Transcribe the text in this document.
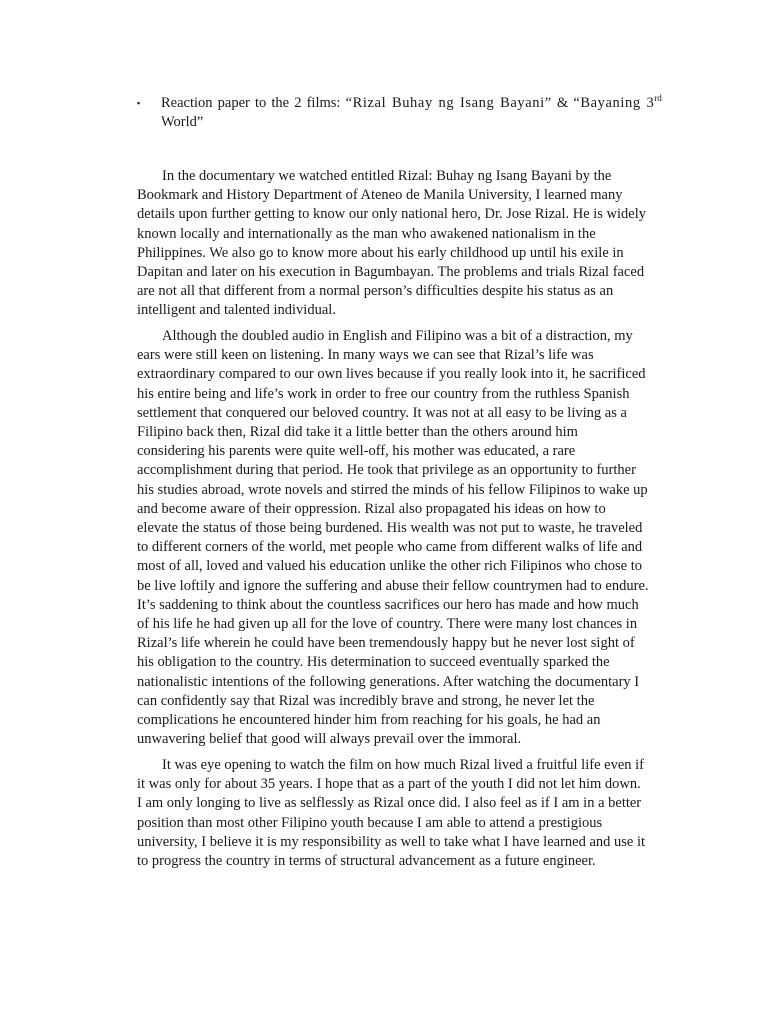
▪ Reaction paper to the 2 films: “Rizal Buhay ng Isang Bayani” & “Bayaning 3rd World”

In the documentary we watched entitled Rizal: Buhay ng Isang Bayani by the Bookmark and History Department of Ateneo de Manila University, I learned many details upon further getting to know our only national hero, Dr. Jose Rizal. He is widely known locally and internationally as the man who awakened nationalism in the Philippines. We also go to know more about his early childhood up until his exile in Dapitan and later on his execution in Bagumbayan. The problems and trials Rizal faced are not all that different from a normal person’s difficulties despite his status as an intelligent and talented individual.

Although the doubled audio in English and Filipino was a bit of a distraction, my ears were still keen on listening. In many ways we can see that Rizal’s life was extraordinary compared to our own lives because if you really look into it, he sacrificed his entire being and life’s work in order to free our country from the ruthless Spanish settlement that conquered our beloved country. It was not at all easy to be living as a Filipino back then, Rizal did take it a little better than the others around him considering his parents were quite well-off, his mother was educated, a rare accomplishment during that period. He took that privilege as an opportunity to further his studies abroad, wrote novels and stirred the minds of his fellow Filipinos to wake up and become aware of their oppression. Rizal also propagated his ideas on how to elevate the status of those being burdened. His wealth was not put to waste, he traveled to different corners of the world, met people who came from different walks of life and most of all, loved and valued his education unlike the other rich Filipinos who chose to be live loftily and ignore the suffering and abuse their fellow countrymen had to endure. It’s saddening to think about the countless sacrifices our hero has made and how much of his life he had given up all for the love of country. There were many lost chances in Rizal’s life wherein he could have been tremendously happy but he never lost sight of his obligation to the country. His determination to succeed eventually sparked the nationalistic intentions of the following generations. After watching the documentary I can confidently say that Rizal was incredibly brave and strong, he never let the complications he encountered hinder him from reaching for his goals, he had an unwavering belief that good will always prevail over the immoral.

It was eye opening to watch the film on how much Rizal lived a fruitful life even if it was only for about 35 years. I hope that as a part of the youth I did not let him down. I am only longing to live as selflessly as Rizal once did. I also feel as if I am in a better position than most other Filipino youth because I am able to attend a prestigious university, I believe it is my responsibility as well to take what I have learned and use it to progress the country in terms of structural advancement as a future engineer.
